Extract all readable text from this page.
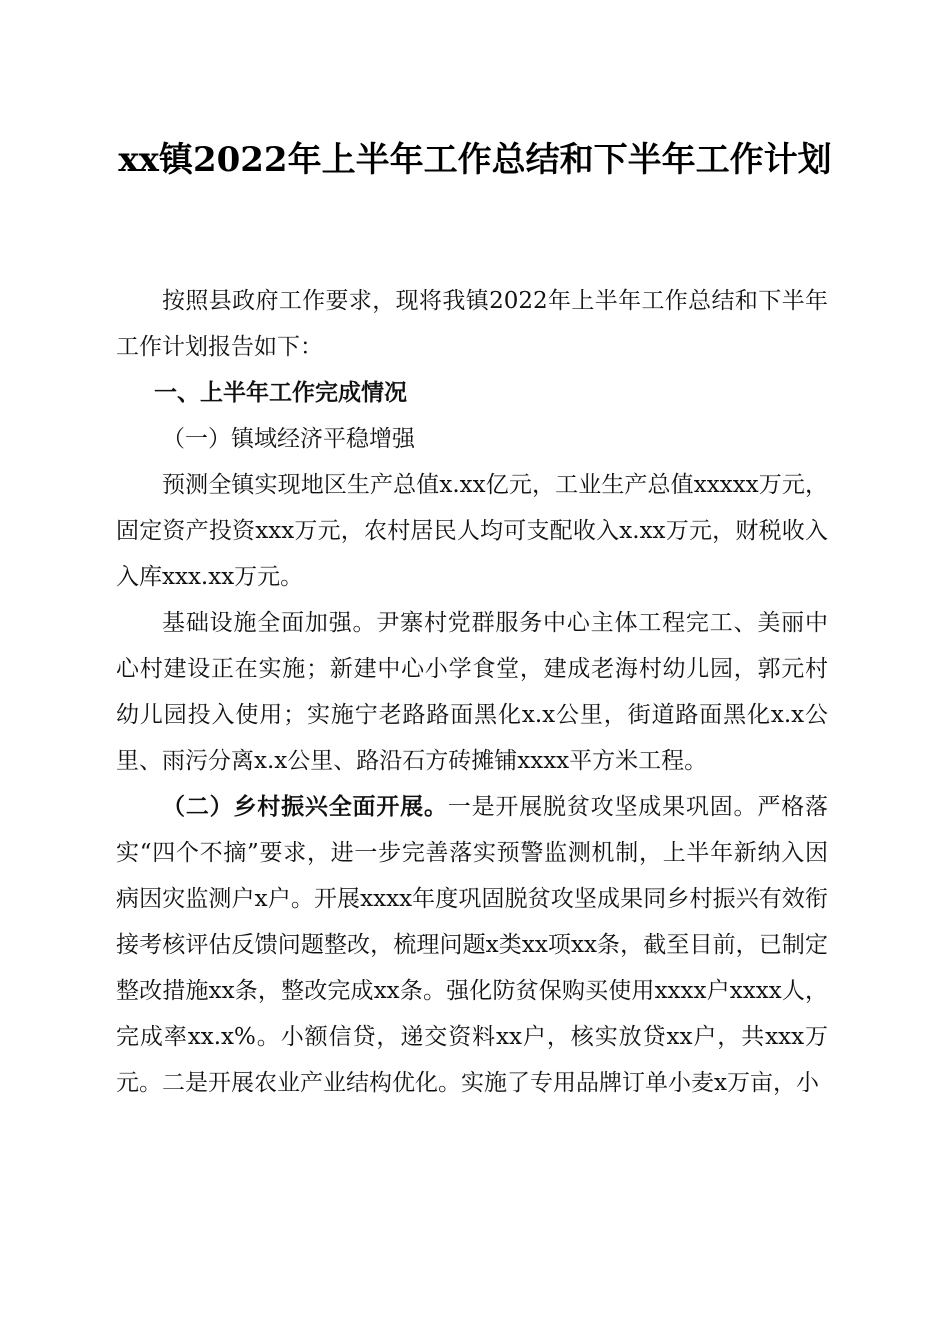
xx镇2022年上半年工作总结和下半年工作计划

按照县政府工作要求，现将我镇2022年上半年工作总结和下半年工作计划报告如下：

一、上半年工作完成情况
（一）镇域经济平稳增强

预测全镇实现地区生产总值x.xx亿元，工业生产总值xxxxx万元，固定资产投资xxx万元，农村居民人均可支配收入x.xx万元，财税收入入库xxx.xx万元。

基础设施全面加强。尹寨村党群服务中心主体工程完工、美丽中心村建设正在实施；新建中心小学食堂，建成老海村幼儿园，郭元村幼儿园投入使用；实施宁老路路面黑化x.x公里，街道路面黑化x.x公里、雨污分离x.x公里、路沿石方砖摊铺xxxx平方米工程。

（二）乡村振兴全面开展。一是开展脱贫攻坚成果巩固。严格落实“四个不摘”要求，进一步完善落实预警监测机制，上半年新纳入因病因灾监测户x户。开展xxxx年度巩固脱贫攻坚成果同乡村振兴有效衔接考核评估反馈问题整改，梳理问题x类xx项xx条，截至目前，已制定整改措施xx条，整改完成xx条。强化防贫保购买使用xxxx户xxxx人，完成率xx.x%。小额信贷，递交资料xx户，核实放贷xx户，共xxx万元。二是开展农业产业结构优化。实施了专用品牌订单小麦x万亩，小
